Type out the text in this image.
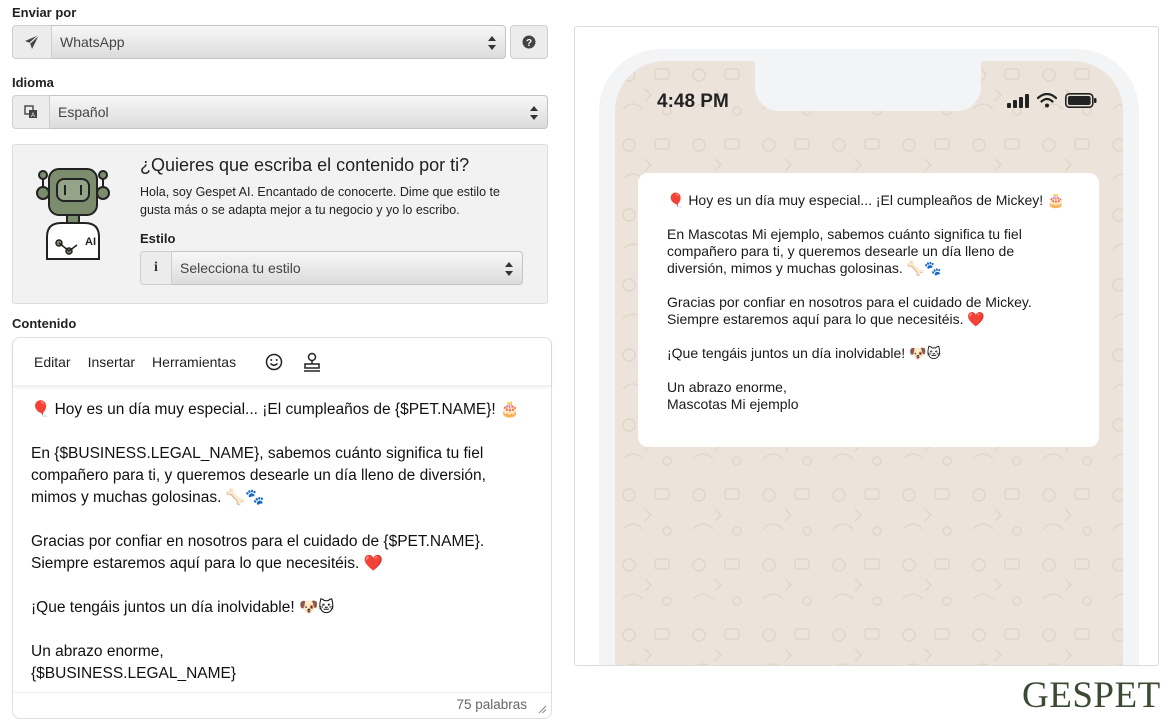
Enviar por
WhatsApp	?
Idioma
A Español
AI
¿Quieres que escriba el contenido por ti?
Hola, soy Gespet AI. Encantado de conocerte. Dime que estilo te gusta más o se adapta mejor a tu negocio y yo lo escribo.
Estilo
i Selecciona tu estilo
Contenido
Editar Insertar Herramientas

🎈 Hoy es un día muy especial... ¡El cumpleaños de {$PET.NAME}! 🎂

En {$BUSINESS.LEGAL_NAME}, sabemos cuánto significa tu fiel compañero para ti, y queremos desearle un día lleno de diversión, mimos y muchas golosinas. 🦴🐾

Gracias por confiar en nosotros para el cuidado de {$PET.NAME}. Siempre estaremos aquí para lo que necesitéis. ❤️

¡Que tengáis juntos un día inolvidable! 🐶🐱

Un abrazo enorme,
{$BUSINESS.LEGAL_NAME}

75 palabras
4:48 PM

🎈 Hoy es un día muy especial... ¡El cumpleaños de Mickey! 🎂

En Mascotas Mi ejemplo, sabemos cuánto significa tu fiel compañero para ti, y queremos desearle un día lleno de diversión, mimos y muchas golosinas. 🦴🐾

Gracias por confiar en nosotros para el cuidado de Mickey. Siempre estaremos aquí para lo que necesitéis. ❤️

¡Que tengáis juntos un día inolvidable! 🐶🐱

Un abrazo enorme,
Mascotas Mi ejemplo

GESPET
